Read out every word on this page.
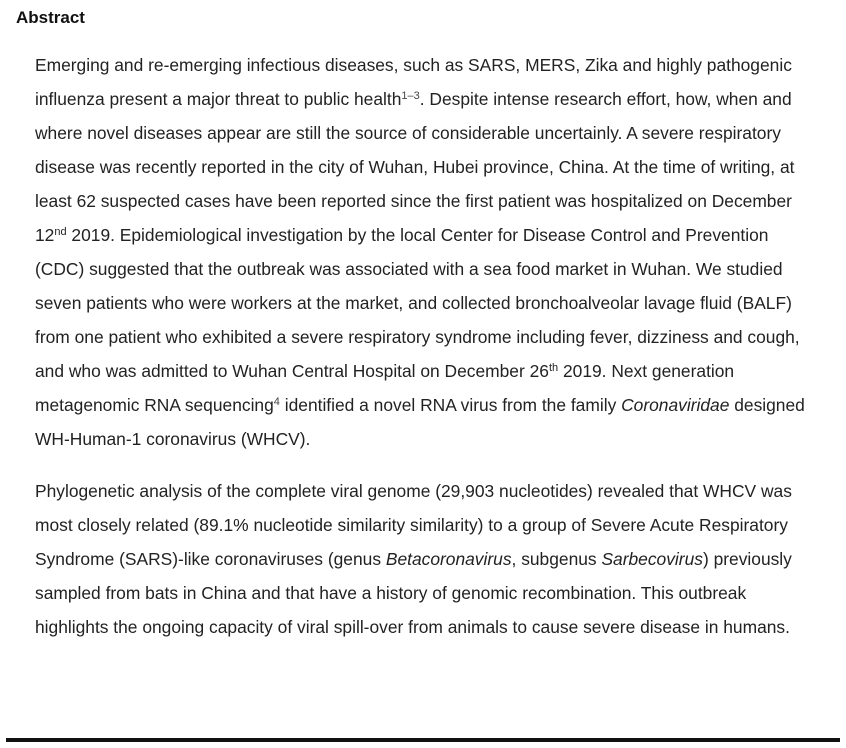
Abstract

Emerging and re-emerging infectious diseases, such as SARS, MERS, Zika and highly pathogenic influenza present a major threat to public health$^{1-3}$. Despite intense research effort, how, when and where novel diseases appear are still the source of considerable uncertainly. A severe respiratory disease was recently reported in the city of Wuhan, Hubei province, China. At the time of writing, at least 62 suspected cases have been reported since the first patient was hospitalized on December 12nd 2019. Epidemiological investigation by the local Center for Disease Control and Prevention (CDC) suggested that the outbreak was associated with a sea food market in Wuhan. We studied seven patients who were workers at the market, and collected bronchoalveolar lavage fluid (BALF) from one patient who exhibited a severe respiratory syndrome including fever, dizziness and cough, and who was admitted to Wuhan Central Hospital on December 26th 2019. Next generation metagenomic RNA sequencing$^4$ identified a novel RNA virus from the family Coronaviridae designed WH-Human-1 coronavirus (WHCV).

Phylogenetic analysis of the complete viral genome (29,903 nucleotides) revealed that WHCV was most closely related (89.1% nucleotide similarity similarity) to a group of Severe Acute Respiratory Syndrome (SARS)-like coronaviruses (genus Betacoronavirus, subgenus Sarbecovirus) previously sampled from bats in China and that have a history of genomic recombination. This outbreak highlights the ongoing capacity of viral spill-over from animals to cause severe disease in humans.
